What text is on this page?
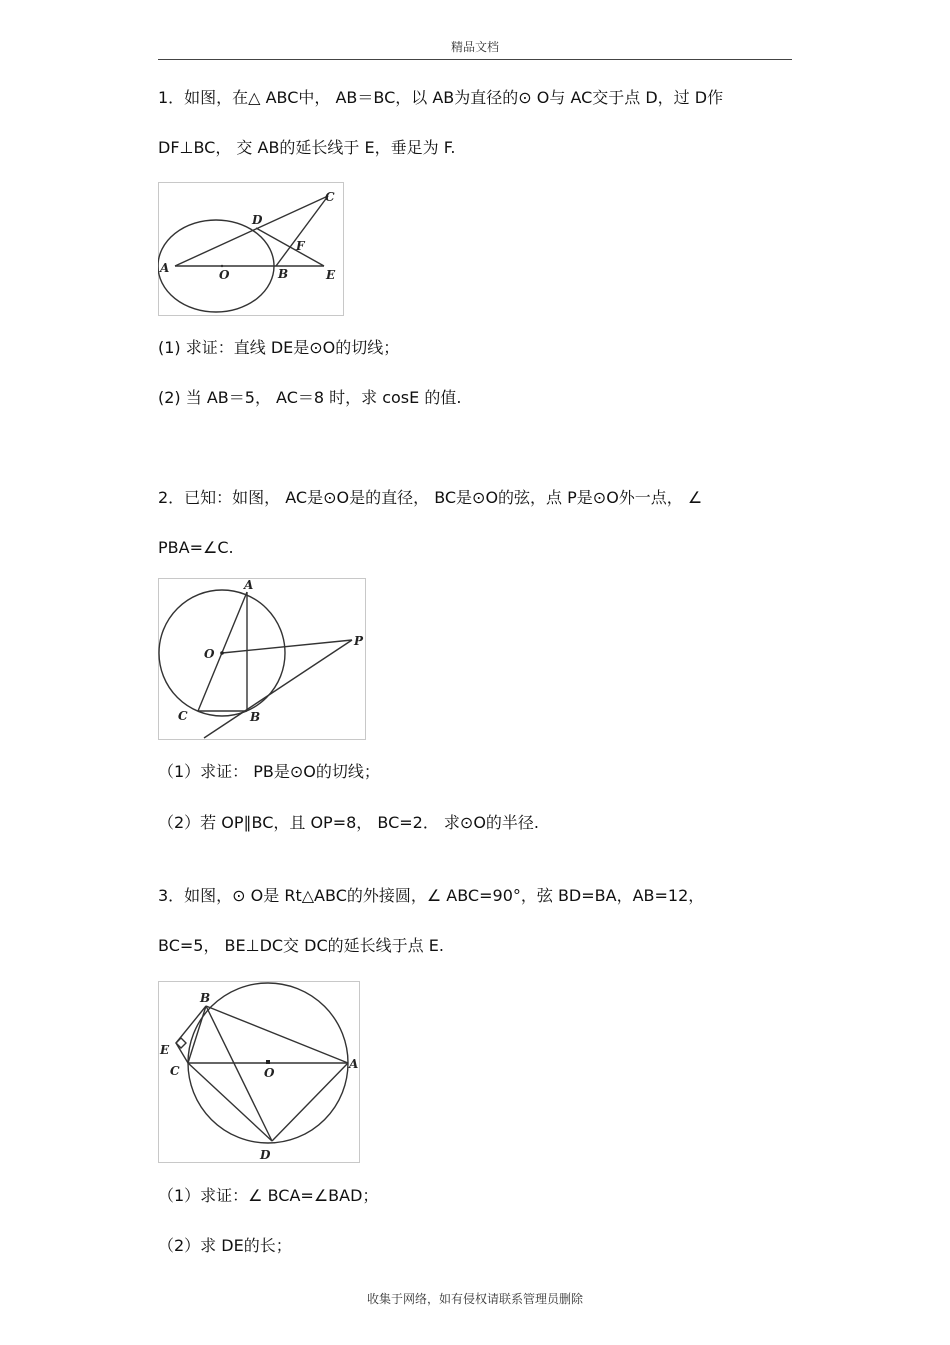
精品文档
1．如图，在△ ABC中， AB＝BC，以 AB为直径的⊙ O与 AC交于点 D，过 D作
DF⊥BC， 交 AB的延长线于 E，垂足为 F.
A	O	B	E
D
C
F
(1) 求证：直线 DE是⊙O的切线；
(2) 当 AB＝5， AC＝8 时，求 cosE 的值.
2．已知：如图， AC是⊙O是的直径， BC是⊙O的弦，点 P是⊙O外一点， ∠
PBA=∠C.
A
O
P
C	B
（1）求证： PB是⊙O的切线；
（2）若 OP∥BC，且 OP=8， BC=2． 求⊙O的半径.
3．如图，⊙ O是 Rt△ABC的外接圆，∠ ABC=90°，弦 BD=BA，AB=12，
BC=5， BE⊥DC交 DC的延长线于点 E.
B
E
C	O
A
D
（1）求证：∠ BCA=∠BAD；
（2）求 DE的长；
收集于网络，如有侵权请联系管理员删除
